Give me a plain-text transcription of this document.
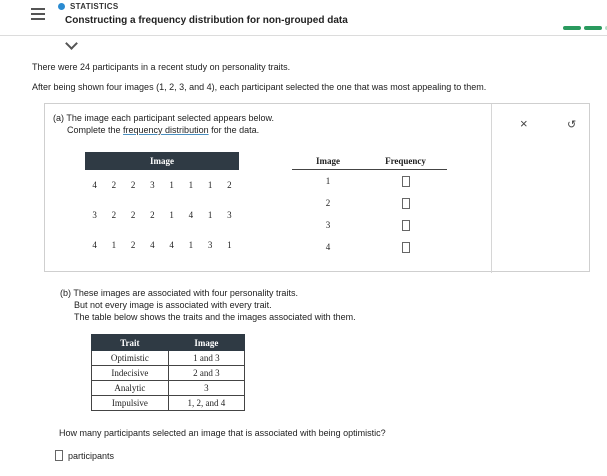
STATISTICS
Constructing a frequency distribution for non-grouped data

There were 24 participants in a recent study on personality traits.

After being shown four images (1, 2, 3, and 4), each participant selected the one that was most appealing to them.

(a) The image each participant selected appears below.
Complete the frequency distribution for the data.
Image							
4	2	2	3	1	1	1	2
3	2	2	2	1	4	1	3
4	1	2	4	4	1	3	1
Image	Frequency
1
2
3
4
×	↺
(b) These images are associated with four personality traits.
But not every image is associated with every trait.
The table below shows the traits and the images associated with them.
Trait	Image
Optimistic	1 and 3
Indecisive	2 and 3
Analytic	3
Impulsive	1, 2, and 4
How many participants selected an image that is associated with being optimistic?
participants
